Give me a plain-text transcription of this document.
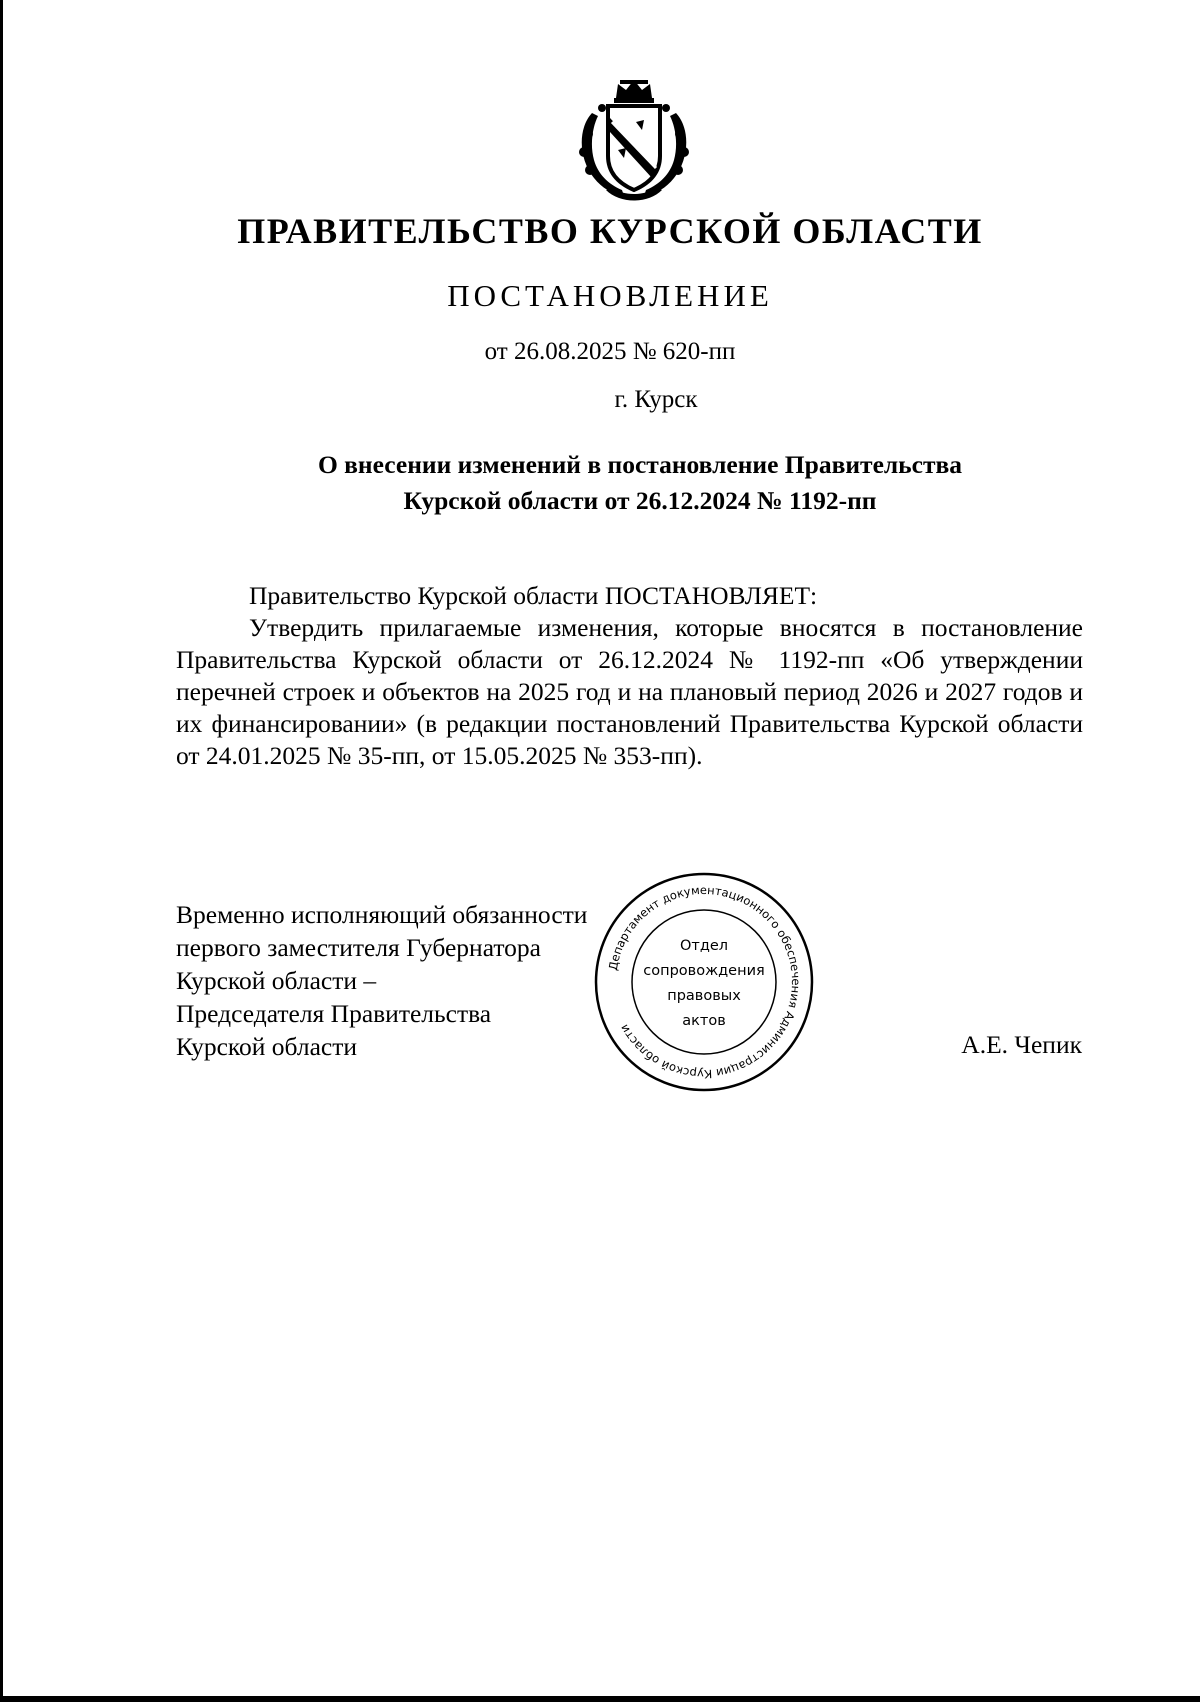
ПРАВИТЕЛЬСТВО КУРСКОЙ ОБЛАСТИ
ПОСТАНОВЛЕНИЕ
от 26.08.2025 № 620-пп
г. Курск
О внесении изменений в постановление Правительства
Курской области от 26.12.2024 № 1192-пп
Правительство Курской области ПОСТАНОВЛЯЕТ:
Утвердить прилагаемые изменения, которые вносятся в постановление Правительства Курской области от 26.12.2024 № 1192-пп «Об утверждении перечней строек и объектов на 2025 год и на плановый период 2026 и 2027 годов и их финансировании» (в редакции постановлений Правительства Курской области от 24.01.2025 № 35-пп, от 15.05.2025 № 353-пп).
Временно исполняющий обязанности
первого заместителя Губернатора
Курской области –
Председателя Правительства
Курской области
Департамент документационного обеспечения Администрации Курской области
Отдел
сопровождения
правовых
актов
А.Е. Чепик
